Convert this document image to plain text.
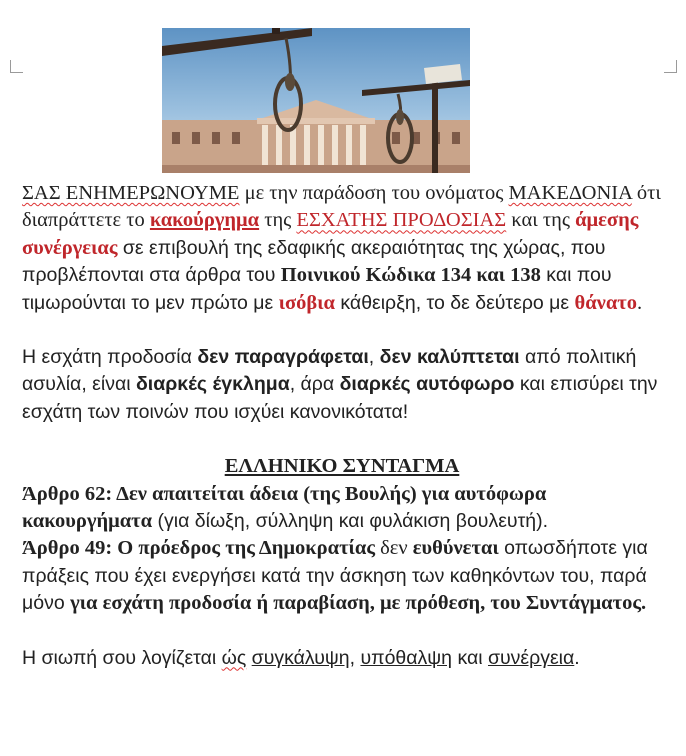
ΣΑΣ ΕΝΗΜΕΡΩΝΟΥΜΕ με την παράδοση του ονόματος ΜΑΚΕΔΟΝΙΑ ότι διαπράττετε το κακούργημα της ΕΣΧΑΤΗΣ ΠΡΟΔΟΣΙΑΣ και της άμεσης συνέργειας σε επιβουλή της εδαφικής ακεραιότητας της χώρας, που προβλέπονται στα άρθρα του Ποινικού Κώδικα 134 και 138 και που τιμωρούνται το μεν πρώτο με ισόβια κάθειρξη, το δε δεύτερο με θάνατο.

Η εσχάτη προδοσία δεν παραγράφεται, δεν καλύπτεται από πολιτική ασυλία, είναι διαρκές έγκλημα, άρα διαρκές αυτόφωρο και επισύρει την εσχάτη των ποινών που ισχύει κανονικότατα!

ΕΛΛΗΝΙΚΟ ΣΥΝΤΑΓΜΑ

Άρθρο 62: Δεν απαιτείται άδεια (της Βουλής) για αυτόφωρα κακουργήματα (για δίωξη, σύλληψη και φυλάκιση βουλευτή).

Άρθρο 49: Ο πρόεδρος της Δημοκρατίας δεν ευθύνεται οπωσδήποτε για πράξεις που έχει ενεργήσει κατά την άσκηση των καθηκόντων του, παρά μόνο για εσχάτη προδοσία ή παραβίαση, με πρόθεση, του Συντάγματος.

Η σιωπή σου λογίζεται ώς συγκάλυψη, υπόθαλψη και συνέργεια.
